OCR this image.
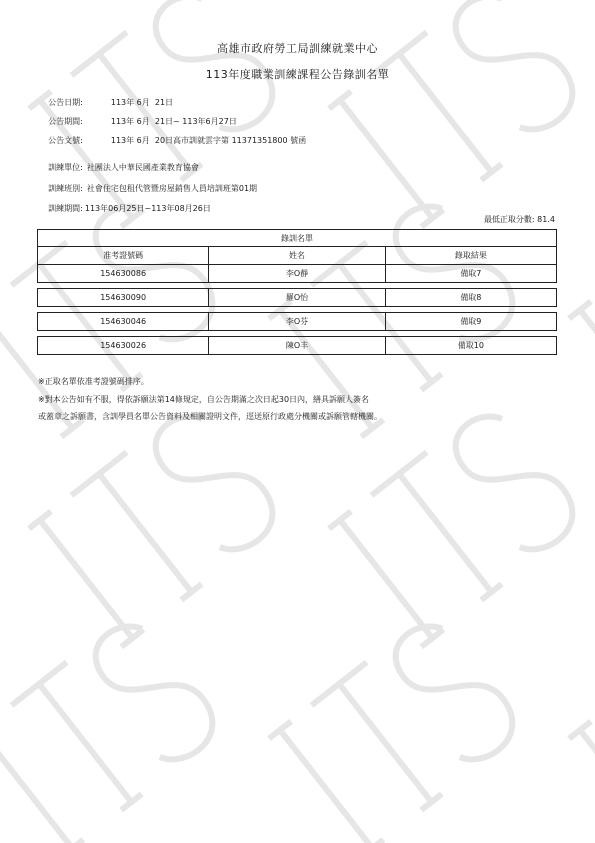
高雄市政府勞工局訓練就業中心
113年度職業訓練課程公告錄訓名單

公告日期:	113年 6月  21日

公告期間:	113年 6月  21日~ 113年6月27日

公告文號:	113年 6月  20日高市訓就雲字第 11371351800 號函

訓練單位: 社團法人中華民國產業教育協會

訓練班別: 社會住宅包租代管暨房屋銷售人員培訓班第01期

訓練期間: 113年06月25日~113年08月26日

最低正取分數: 81.4
錄訓名單		
准考證號碼	姓名	錄取結果
154630086	李O靜	備取7

154630090	羅O怡	備取8

154630046	李O芬	備取9

154630026	陳O丰	備取10
※正取名單依准考證號碼排序。
※對本公告如有不服，得依訴願法第14條規定，自公告期滿之次日起30日內，繕具訴願人簽名
或蓋章之訴願書，含訓學員名單公告資料及相關證明文件，逕送原行政處分機關或訴願管轄機關。
